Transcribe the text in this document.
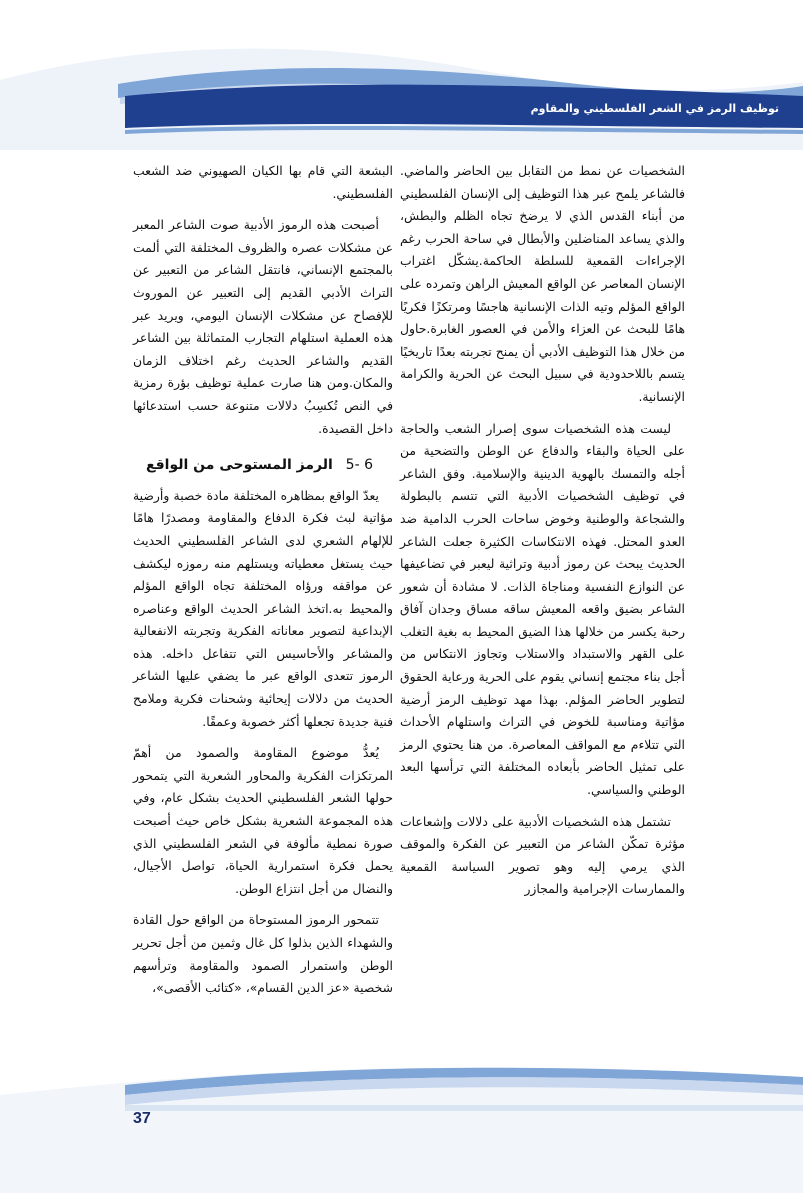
توظيف الرمز في الشعر الفلسطيني والمقاوم

الشخصيات عن نمط من التقابل بين الحاضر والماضي. فالشاعر يلمح عبر هذا التوظيف إلى الإنسان الفلسطيني من أبناء القدس الذي لا يرضخ تجاه الظلم والبطش، والذي يساعد المناضلين والأبطال في ساحة الحرب رغم الإجراءات القمعية للسلطة الحاكمة.يشكّل اغتراب الإنسان المعاصر عن الواقع المعيش الراهن وتمرده على الواقع المؤلم وتيه الذات الإنسانية هاجسًا ومرتكزًا فكريًا هامًا للبحث عن العزاء والأمن في العصور الغابرة.حاول من خلال هذا التوظيف الأدبي أن يمنح تجربته بعدًا تاريخيًا يتسم باللاحدودية في سبيل البحث عن الحرية والكرامة الإنسانية.

ليست هذه الشخصيات سوى إصرار الشعب والحاجة على الحياة والبقاء والدفاع عن الوطن والتضحية من أجله والتمسك بالهوية الدينية والإسلامية. وفق الشاعر في توظيف الشخصيات الأدبية التي تتسم بالبطولة والشجاعة والوطنية وخوض ساحات الحرب الدامية ضد العدو المحتل. فهذه الانتكاسات الكثيرة جعلت الشاعر الحديث يبحث عن رموز أدبية وتراثية ليعبر في تضاعيفها عن النوازع النفسية ومناجاة الذات. لا مشادة أن شعور الشاعر بضيق واقعه المعيش ساقه مساق وجدان آفاق رحبة يكسر من خلالها هذا الضيق المحيط به بغية التغلب على القهر والاستبداد والاستلاب وتجاوز الانتكاس من أجل بناء مجتمع إنساني يقوم على الحرية ورعاية الحقوق لتطوير الحاضر المؤلم. بهذا مهد توظيف الرمز أرضية مؤاتية ومناسبة للخوض في التراث واستلهام الأحداث التي تتلاءم مع المواقف المعاصرة. من هنا يحتوي الرمز على تمثيل الحاضر بأبعاده المختلفة التي ترأسها البعد الوطني والسياسي.

تشتمل هذه الشخصيات الأدبية على دلالات وإشعاعات مؤثرة تمكّن الشاعر من التعبير عن الفكرة والموقف الذي يرمي إليه وهو تصوير السياسة القمعية والممارسات الإجرامية والمجازر

البشعة التي قام بها الكيان الصهيوني ضد الشعب الفلسطيني.

أصبحت هذه الرموز الأدبية صوت الشاعر المعبر عن مشكلات عصره والظروف المختلفة التي ألمت بالمجتمع الإنساني، فانتقل الشاعر من التعبير عن التراث الأدبي القديم إلى التعبير عن الموروث للإفصاح عن مشكلات الإنسان اليومي، ويريد عبر هذه العملية استلهام التجارب المتماثلة بين الشاعر القديم والشاعر الحديث رغم اختلاف الزمان والمكان.ومن هنا صارت عملية توظيف بؤرة رمزية في النص تُكسِبُ دلالات متنوعة حسب استدعائها داخل القصيدة.

6 -5 الرمز المستوحى من الواقع

يعدّ الواقع بمظاهره المختلفة مادة خصبة وأرضية مؤاتية لبث فكرة الدفاع والمقاومة ومصدرًا هامًا للإلهام الشعري لدى الشاعر الفلسطيني الحديث حيث يستغل معطياته ويستلهم منه رموزه ليكشف عن مواقفه ورؤاه المختلفة تجاه الواقع المؤلم والمحيط به.اتخذ الشاعر الحديث الواقع وعناصره الإبداعية لتصوير معاناته الفكرية وتجربته الانفعالية والمشاعر والأحاسيس التي تتفاعل داخله. هذه الرموز تتعدى الواقع عبر ما يضفي عليها الشاعر الحديث من دلالات إيحائية وشحنات فكرية وملامح فنية جديدة تجعلها أكثر خصوبة وعمقًا.

يُعدُّ موضوع المقاومة والصمود من أهمّ المرتكزات الفكرية والمحاور الشعرية التي يتمحور حولها الشعر الفلسطيني الحديث بشكل عام، وفي هذه المجموعة الشعرية بشكل خاص حيث أصبحت صورة نمطية مألوفة في الشعر الفلسطيني الذي يحمل فكرة استمرارية الحياة، تواصل الأجيال، والنضال من أجل انتزاع الوطن.

تتمحور الرموز المستوحاة من الواقع حول القادة والشهداء الذين بذلوا كل غال وثمين من أجل تحرير الوطن واستمرار الصمود والمقاومة وترأسهم شخصية «عز الدين القسام»، «كتائب الأقصى»،

37
